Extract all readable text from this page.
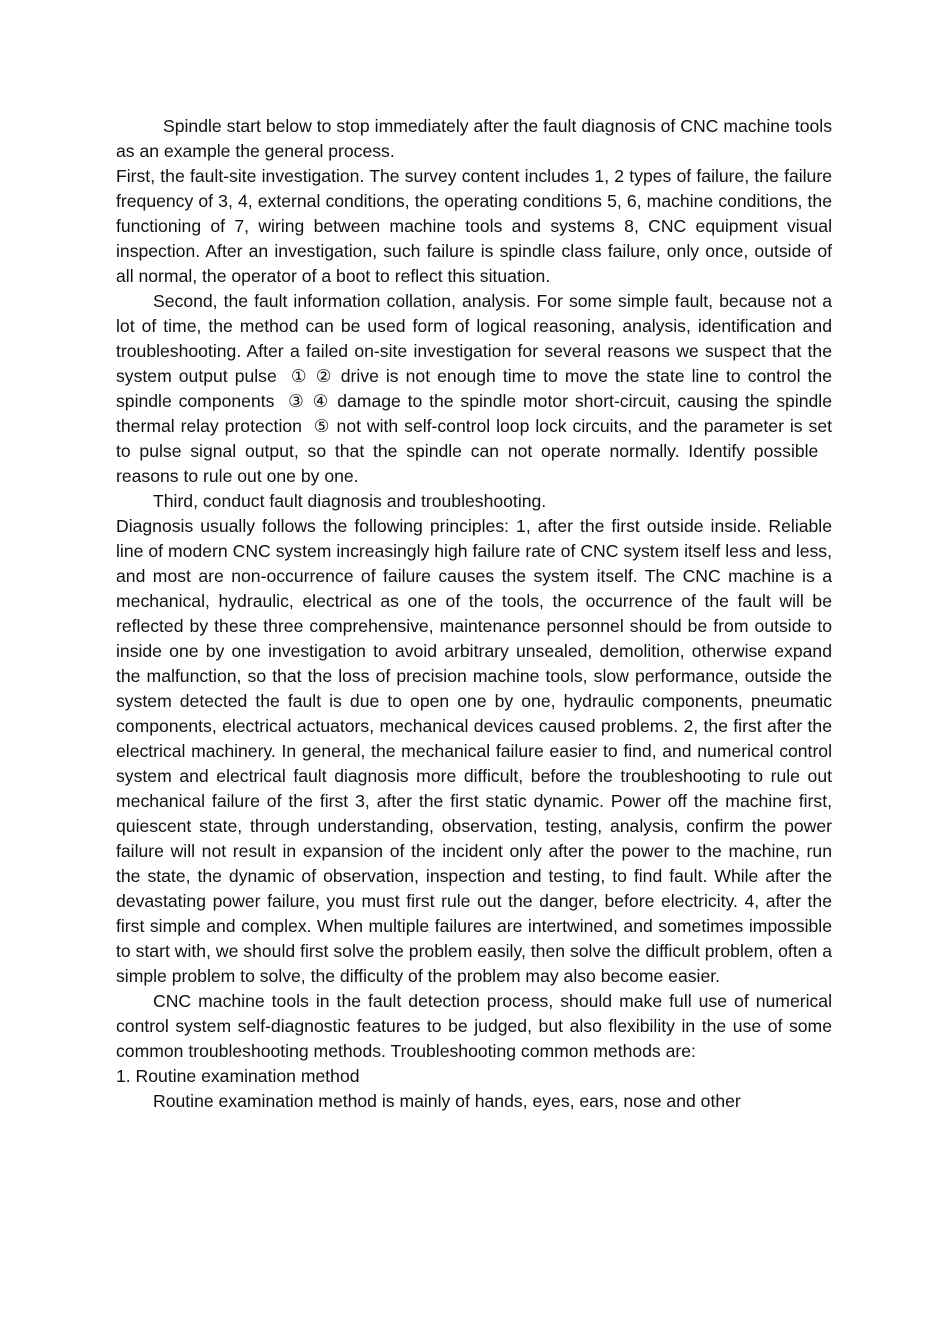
Spindle start below to stop immediately after the fault diagnosis of CNC machine tools as an example the general process.

First, the fault-site investigation. The survey content includes 1, 2 types of failure, the failure frequency of 3, 4, external conditions, the operating conditions 5, 6, machine conditions, the functioning of 7, wiring between machine tools and systems 8, CNC equipment visual inspection. After an investigation, such failure is spindle class failure, only once, outside of all normal, the operator of a boot to reflect this situation.

Second, the fault information collation, analysis. For some simple fault, because not a lot of time, the method can be used form of logical reasoning, analysis, identification and troubleshooting. After a failed on-site investigation for several reasons we suspect that the system output pulse  ① ② drive is not enough time to move the state line to control the spindle components  ③ ④ damage to the spindle motor short-circuit, causing the spindle thermal relay protection  ⑤ not with self-control loop lock circuits, and the parameter is set to pulse signal output, so that the spindle can not operate normally. Identify possible   reasons to rule out one by one.

Third, conduct fault diagnosis and troubleshooting.

Diagnosis usually follows the following principles: 1, after the first outside inside. Reliable line of modern CNC system increasingly high failure rate of CNC system itself less and less, and most are non-occurrence of failure causes the system itself. The CNC machine is a mechanical, hydraulic, electrical as one of the tools, the occurrence of the fault will be reflected by these three comprehensive, maintenance personnel should be from outside to inside one by one investigation to avoid arbitrary unsealed, demolition, otherwise expand the malfunction, so that the loss of precision machine tools, slow performance, outside the system detected the fault is due to open one by one, hydraulic components, pneumatic components, electrical actuators, mechanical devices caused problems. 2, the first after the electrical machinery. In general, the mechanical failure easier to find, and numerical control system and electrical fault diagnosis more difficult, before the troubleshooting to rule out mechanical failure of the first 3, after the first static dynamic. Power off the machine first, quiescent state, through understanding, observation, testing, analysis, confirm the power failure will not result in expansion of the incident only after the power to the machine, run the state, the dynamic of observation, inspection and testing, to find fault. While after the devastating power failure, you must first rule out the danger, before electricity. 4, after the first simple and complex. When multiple failures are intertwined, and sometimes impossible to start with, we should first solve the problem easily, then solve the difficult problem, often a simple problem to solve, the difficulty of the problem may also become easier.

CNC machine tools in the fault detection process, should make full use of numerical control system self-diagnostic features to be judged, but also flexibility in the use of some common troubleshooting methods. Troubleshooting common methods are:

1. Routine examination method

Routine examination method is mainly of hands, eyes, ears, nose and other
